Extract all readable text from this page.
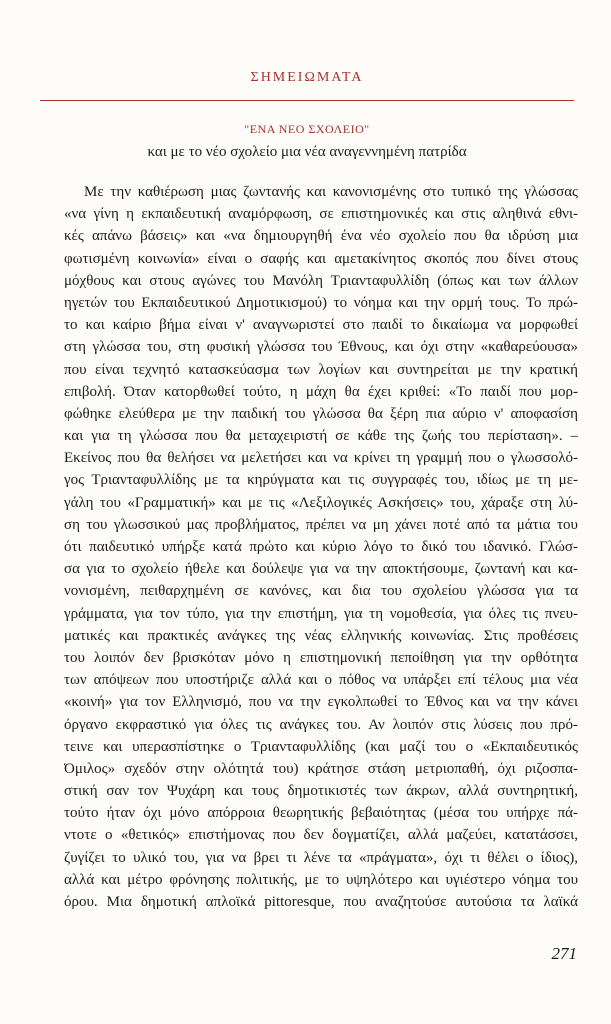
ΣΗΜΕΙΩΜΑΤΑ
"ΕΝΑ ΝΕΟ ΣΧΟΛΕΙΟ"
και με το νέο σχολείο μια νέα αναγεννημένη πατρίδα
Με την καθιέρωση μιας ζωντανής και κανονισμένης στο τυπικό της γλώσσας
«να γίνη η εκπαιδευτική αναμόρφωση, σε επιστημονικές και στις αληθινά εθνι-
κές απάνω βάσεις» και «να δημιουργηθή ένα νέο σχολείο που θα ιδρύση μια
φωτισμένη κοινωνία» είναι ο σαφής και αμετακίνητος σκοπός που δίνει στους
μόχθους και στους αγώνες του Μανόλη Τριανταφυλλίδη (όπως και των άλλων
ηγετών του Εκπαιδευτικού Δημοτικισμού) το νόημα και την ορμή τους. Το πρώ-
το και καίριο βήμα είναι ν' αναγνωριστεί στο παιδί το δικαίωμα να μορφωθεί
στη γλώσσα του, στη φυσική γλώσσα του Έθνους, και όχι στην «καθαρεύουσα»
που είναι τεχνητό κατασκεύασμα των λογίων και συντηρείται με την κρατική
επιβολή. Όταν κατορθωθεί τούτο, η μάχη θα έχει κριθεί: «Το παιδί που μορ-
φώθηκε ελεύθερα με την παιδική του γλώσσα θα ξέρη πια αύριο ν' αποφασίση
και για τη γλώσσα που θα μεταχειριστή σε κάθε της ζωής του περίσταση». –
Εκείνος που θα θελήσει να μελετήσει και να κρίνει τη γραμμή που ο γλωσσολό-
γος Τριανταφυλλίδης με τα κηρύγματα και τις συγγραφές του, ιδίως με τη με-
γάλη του «Γραμματική» και με τις «Λεξιλογικές Ασκήσεις» του, χάραξε στη λύ-
ση του γλωσσικού μας προβλήματος, πρέπει να μη χάνει ποτέ από τα μάτια του
ότι παιδευτικό υπήρξε κατά πρώτο και κύριο λόγο το δικό του ιδανικό. Γλώσ-
σα για το σχολείο ήθελε και δούλεψε για να την αποκτήσουμε, ζωντανή και κα-
νονισμένη, πειθαρχημένη σε κανόνες, και δια του σχολείου γλώσσα για τα
γράμματα, για τον τύπο, για την επιστήμη, για τη νομοθεσία, για όλες τις πνευ-
ματικές και πρακτικές ανάγκες της νέας ελληνικής κοινωνίας. Στις προθέσεις
του λοιπόν δεν βρισκόταν μόνο η επιστημονική πεποίθηση για την ορθότητα
των απόψεων που υποστήριζε αλλά και ο πόθος να υπάρξει επί τέλους μια νέα
«κοινή» για τον Ελληνισμό, που να την εγκολπωθεί το Έθνος και να την κάνει
όργανο εκφραστικό για όλες τις ανάγκες του. Αν λοιπόν στις λύσεις που πρό-
τεινε και υπερασπίστηκε ο Τριανταφυλλίδης (και μαζί του ο «Εκπαιδευτικός
Όμιλος» σχεδόν στην ολότητά του) κράτησε στάση μετριοπαθή, όχι ριζοσπα-
στική σαν τον Ψυχάρη και τους δημοτικιστές των άκρων, αλλά συντηρητική,
τούτο ήταν όχι μόνο απόρροια θεωρητικής βεβαιότητας (μέσα του υπήρχε πά-
ντοτε ο «θετικός» επιστήμονας που δεν δογματίζει, αλλά μαζεύει, κατατάσσει,
ζυγίζει το υλικό του, για να βρει τι λένε τα «πράγματα», όχι τι θέλει ο ίδιος),
αλλά και μέτρο φρόνησης πολιτικής, με το υψηλότερο και υγιέστερο νόημα του
όρου. Μια δημοτική απλοϊκά pittoresque, που αναζητούσε αυτούσια τα λαϊκά
271
